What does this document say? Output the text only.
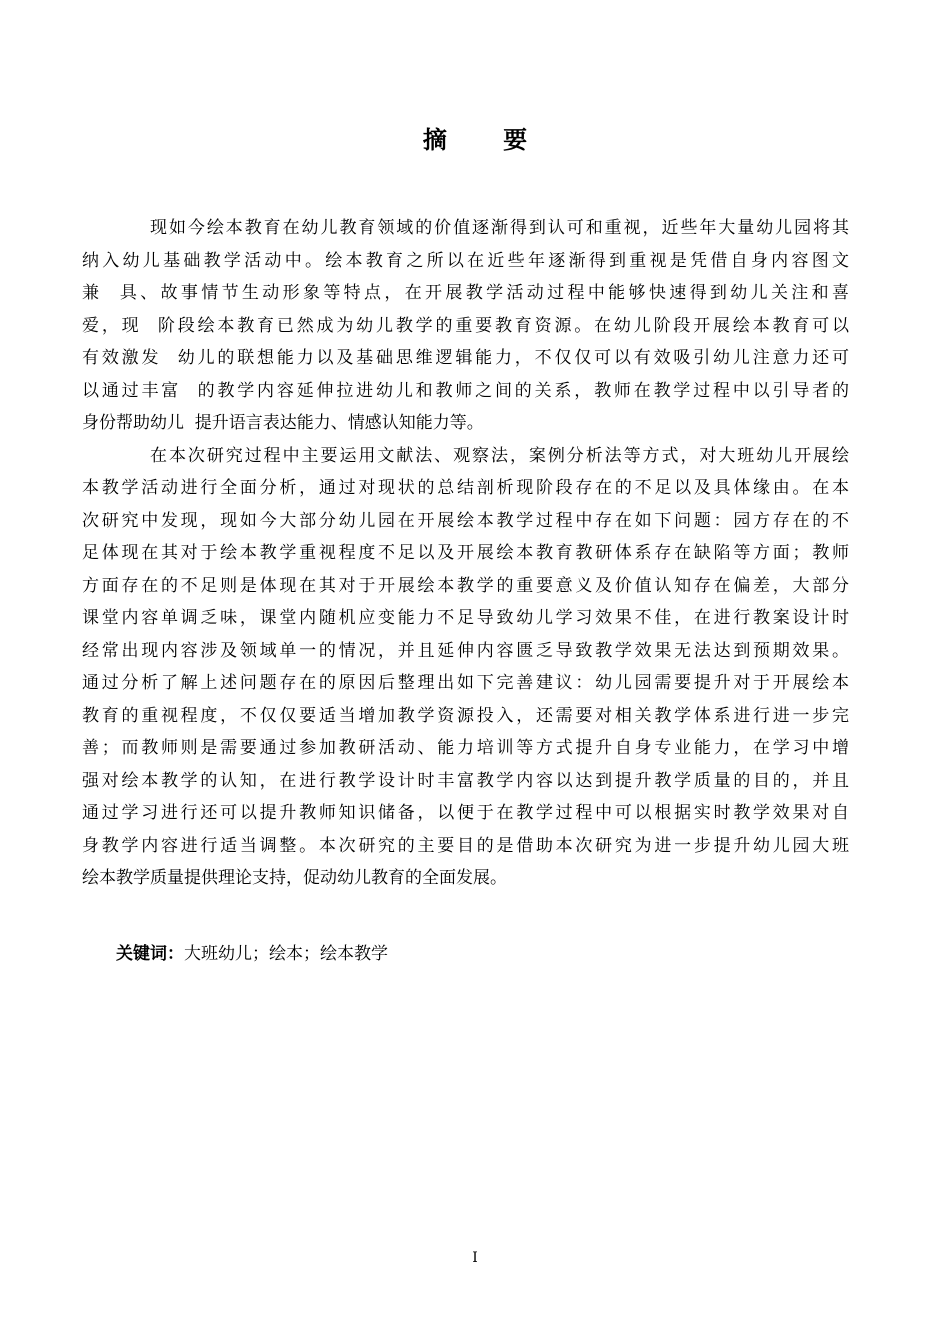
摘 要

现如今绘本教育在幼儿教育领域的价值逐渐得到认可和重视，近些年大量幼儿园将其
纳入幼儿基础教学活动中。绘本教育之所以在近些年逐渐得到重视是凭借自身内容图文
兼  具、故事情节生动形象等特点，在开展教学活动过程中能够快速得到幼儿关注和喜
爱，现  阶段绘本教育已然成为幼儿教学的重要教育资源。在幼儿阶段开展绘本教育可以
有效激发  幼儿的联想能力以及基础思维逻辑能力，不仅仅可以有效吸引幼儿注意力还可
以通过丰富  的教学内容延伸拉进幼儿和教师之间的关系，教师在教学过程中以引导者的
身份帮助幼儿  提升语言表达能力、情感认知能力等。

在本次研究过程中主要运用文献法、观察法，案例分析法等方式，对大班幼儿开展绘
本教学活动进行全面分析，通过对现状的总结剖析现阶段存在的不足以及具体缘由。在本
次研究中发现，现如今大部分幼儿园在开展绘本教学过程中存在如下问题：园方存在的不
足体现在其对于绘本教学重视程度不足以及开展绘本教育教研体系存在缺陷等方面；教师
方面存在的不足则是体现在其对于开展绘本教学的重要意义及价值认知存在偏差，大部分
课堂内容单调乏味，课堂内随机应变能力不足导致幼儿学习效果不佳，在进行教案设计时
经常出现内容涉及领域单一的情况，并且延伸内容匮乏导致教学效果无法达到预期效果。
通过分析了解上述问题存在的原因后整理出如下完善建议：幼儿园需要提升对于开展绘本
教育的重视程度，不仅仅要适当增加教学资源投入，还需要对相关教学体系进行进一步完
善；而教师则是需要通过参加教研活动、能力培训等方式提升自身专业能力，在学习中增
强对绘本教学的认知，在进行教学设计时丰富教学内容以达到提升教学质量的目的，并且
通过学习进行还可以提升教师知识储备，以便于在教学过程中可以根据实时教学效果对自
身教学内容进行适当调整。本次研究的主要目的是借助本次研究为进一步提升幼儿园大班
绘本教学质量提供理论支持，促动幼儿教育的全面发展。

关键词：大班幼儿；绘本；绘本教学

I
